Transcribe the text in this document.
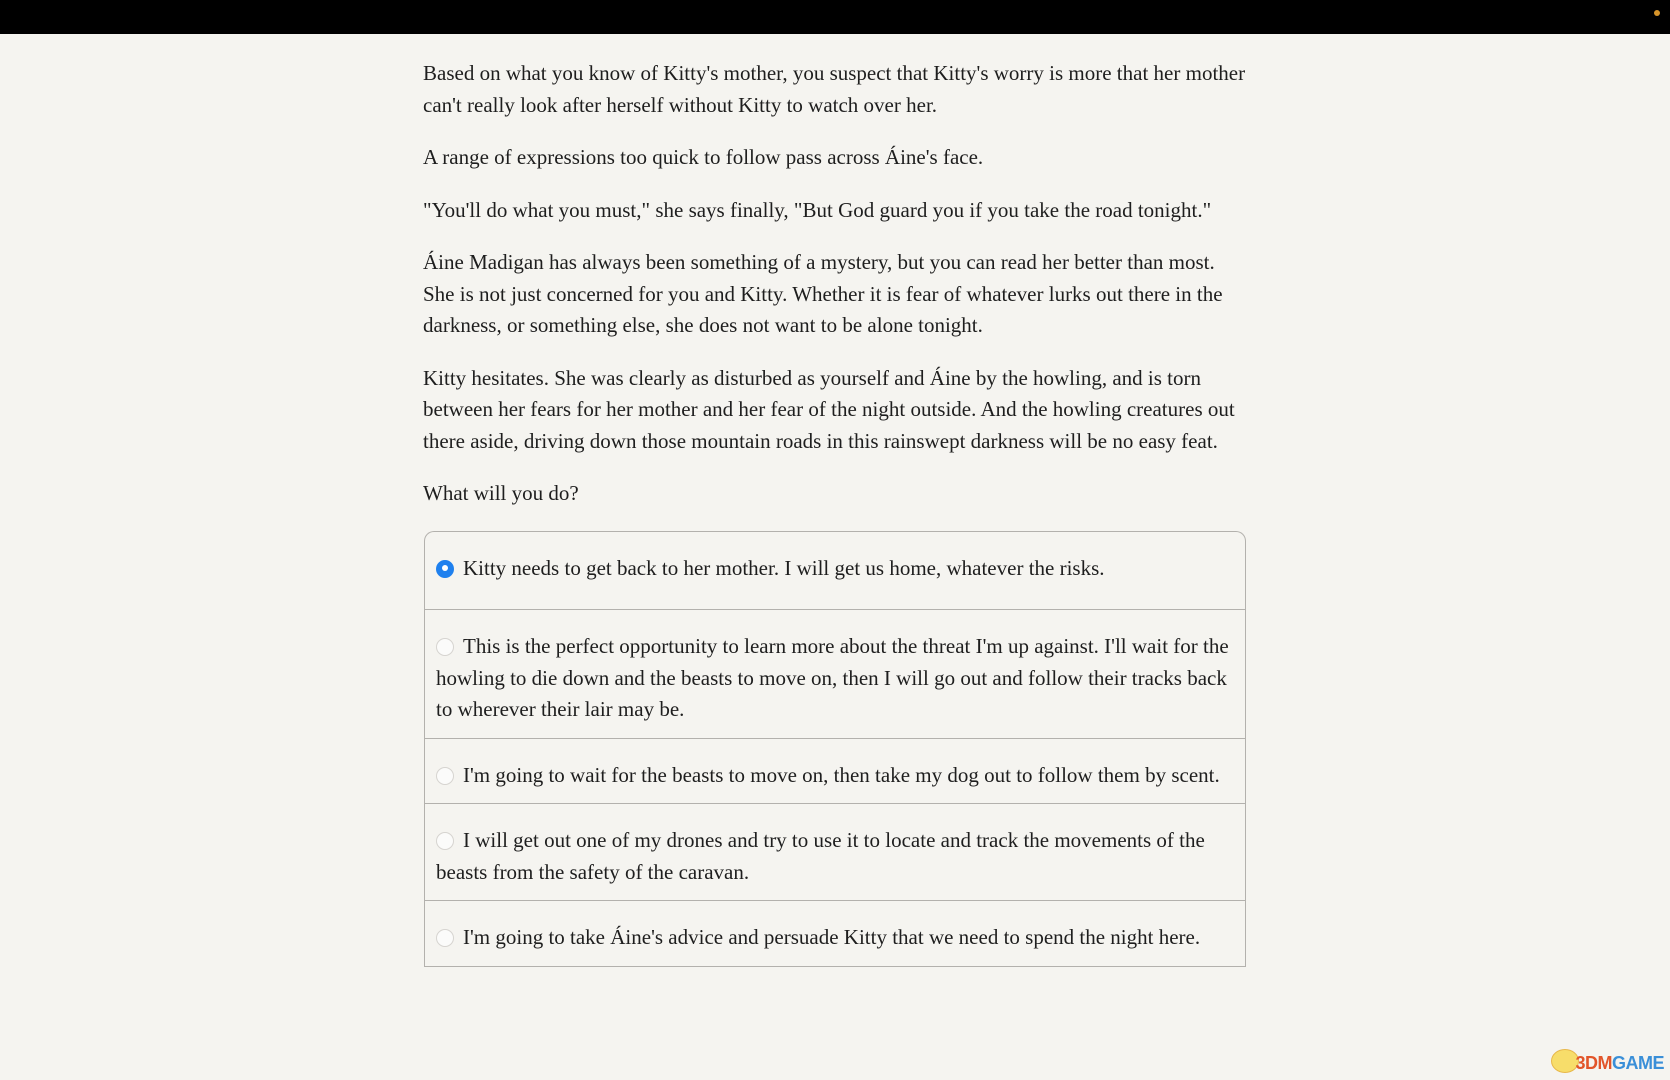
Based on what you know of Kitty's mother, you suspect that Kitty's worry is more that her mother can't really look after herself without Kitty to watch over her.

A range of expressions too quick to follow pass across Áine's face.

"You'll do what you must," she says finally, "But God guard you if you take the road tonight."

Áine Madigan has always been something of a mystery, but you can read her better than most. She is not just concerned for you and Kitty. Whether it is fear of whatever lurks out there in the darkness, or something else, she does not want to be alone tonight.

Kitty hesitates. She was clearly as disturbed as yourself and Áine by the howling, and is torn between her fears for her mother and her fear of the night outside. And the howling creatures out there aside, driving down those mountain roads in this rainswept darkness will be no easy feat.

What will you do?

Kitty needs to get back to her mother. I will get us home, whatever the risks.
This is the perfect opportunity to learn more about the threat I'm up against. I'll wait for the howling to die down and the beasts to move on, then I will go out and follow their tracks back to wherever their lair may be.
I'm going to wait for the beasts to move on, then take my dog out to follow them by scent.
I will get out one of my drones and try to use it to locate and track the movements of the beasts from the safety of the caravan.
I'm going to take Áine's advice and persuade Kitty that we need to spend the night here.
3DMGAME
